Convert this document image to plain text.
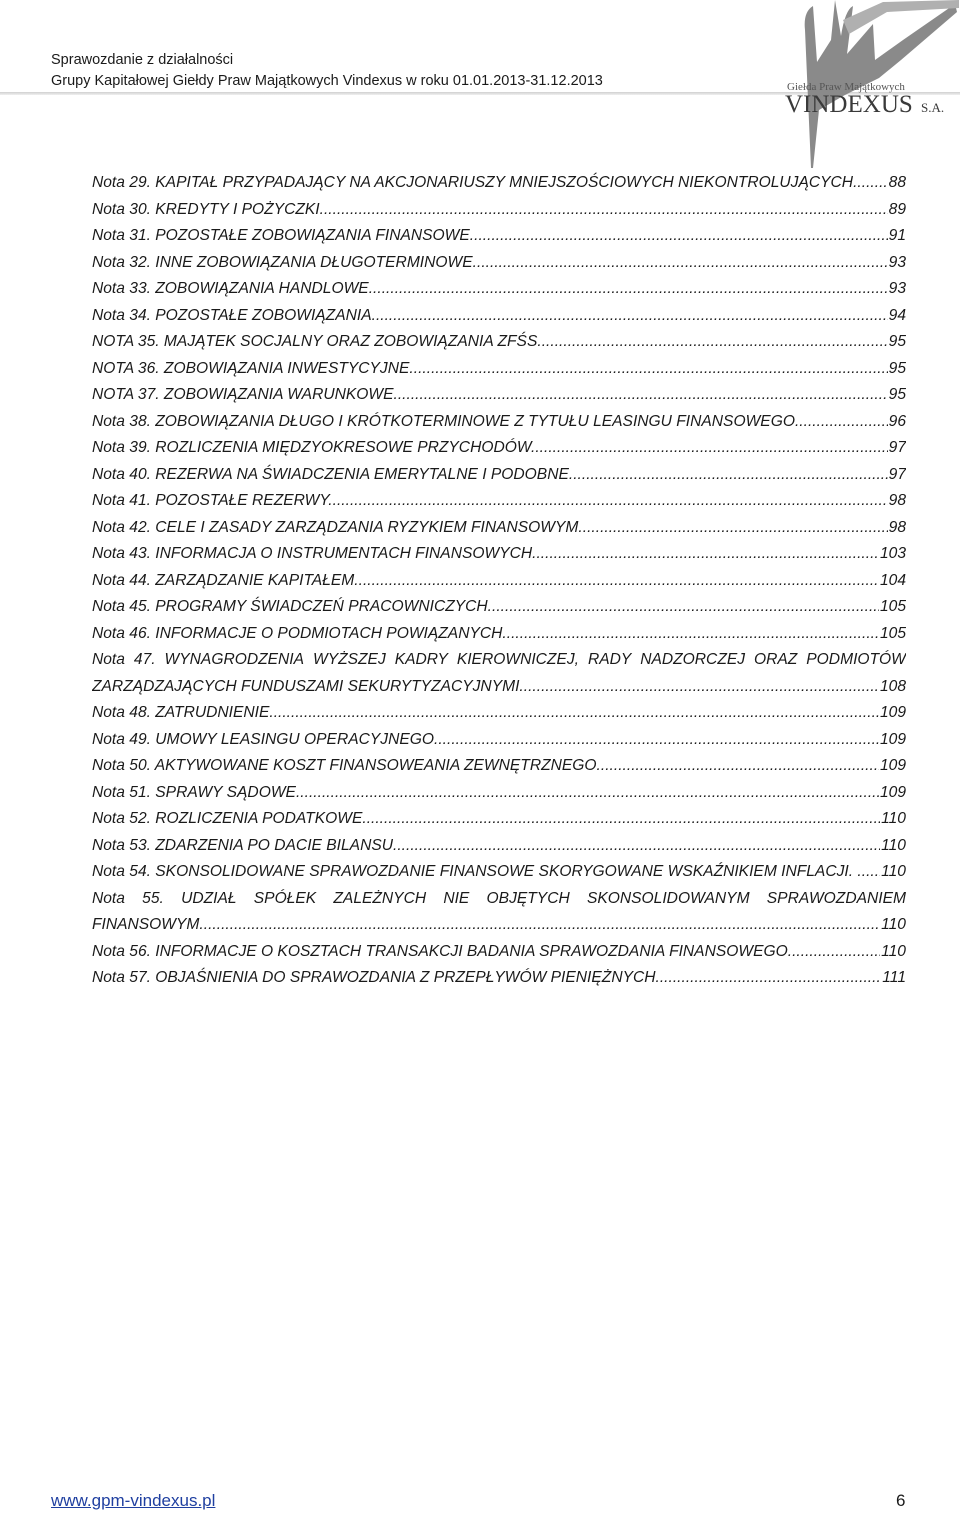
Sprawozdanie z działalności
Grupy Kapitałowej Giełdy Praw Majątkowych Vindexus w roku 01.01.2013-31.12.2013	Giełda Praw Majątkowych
VINDEXUS S.A.
Nota 29. KAPITAŁ PRZYPADAJĄCY NA AKCJONARIUSZY MNIEJSZOŚCIOWYCH NIEKONTROLUJĄCYCH ..... 88
Nota 30. KREDYTY I POŻYCZKI. .....	89
Nota 31. POZOSTAŁE ZOBOWIĄZANIA FINANSOWE. .....	91
Nota 32. INNE ZOBOWIĄZANIA DŁUGOTERMINOWE. .....	93
Nota 33. ZOBOWIĄZANIA HANDLOWE. .....	93
Nota 34. POZOSTAŁE ZOBOWIĄZANIA. .....	94
NOTA 35. MAJĄTEK SOCJALNY ORAZ ZOBOWIĄZANIA ZFŚS. .....	95
NOTA 36. ZOBOWIĄZANIA INWESTYCYJNE. .....	95
NOTA 37. ZOBOWIĄZANIA WARUNKOWE. .....	95
Nota 38. ZOBOWIĄZANIA DŁUGO I KRÓTKOTERMINOWE Z TYTUŁU LEASINGU FINANSOWEGO. .....	96
Nota 39. ROZLICZENIA MIĘDZYOKRESOWE PRZYCHODÓW. .....	97
Nota 40. REZERWA NA ŚWIADCZENIA EMERYTALNE I PODOBNE .....	97
Nota 41. POZOSTAŁE REZERWY. .....	98
Nota 42. CELE I ZASADY ZARZĄDZANIA RYZYKIEM FINANSOWYM. .....	98
Nota 43. INFORMACJA O INSTRUMENTACH FINANSOWYCH. .....	103
Nota 44. ZARZĄDZANIE KAPITAŁEM. .....	104
Nota 45. PROGRAMY ŚWIADCZEŃ PRACOWNICZYCH. .....	105
Nota 46. INFORMACJE O PODMIOTACH POWIĄZANYCH .....	105
Nota 47. WYNAGRODZENIA WYŻSZEJ KADRY KIEROWNICZEJ, RADY NADZORCZEJ ORAZ PODMIOTÓW
ZARZĄDZAJĄCYCH FUNDUSZAMI SEKURYTYZACYJNYMI .....	108
Nota 48. ZATRUDNIENIE. .....	109
Nota 49. UMOWY LEASINGU OPERACYJNEGO. .....	109
Nota 50. AKTYWOWANE KOSZT FINANSOWEANIA ZEWNĘTRZNEGO. .....	109
Nota 51. SPRAWY SĄDOWE. .....	109
Nota 52. ROZLICZENIA PODATKOWE. .....	110
Nota 53. ZDARZENIA PO DACIE BILANSU. .....	110
Nota 54. SKONSOLIDOWANE SPRAWOZDANIE FINANSOWE SKORYGOWANE WSKAŹNIKIEM INFLACJI. . ..... 110
Nota 55. UDZIAŁ SPÓŁEK ZALEŻNYCH NIE OBJĘTYCH SKONSOLIDOWANYM SPRAWOZDANIEM
FINANSOWYM. .....	110
Nota 56. INFORMACJE O KOSZTACH TRANSAKCJI BADANIA SPRAWOZDANIA FINANSOWEGO. .....	110
Nota 57. OBJAŚNIENIA DO SPRAWOZDANIA Z PRZEPŁYWÓW PIENIĘŻNYCH. .....	111
www.gpm-vindexus.pl	6
